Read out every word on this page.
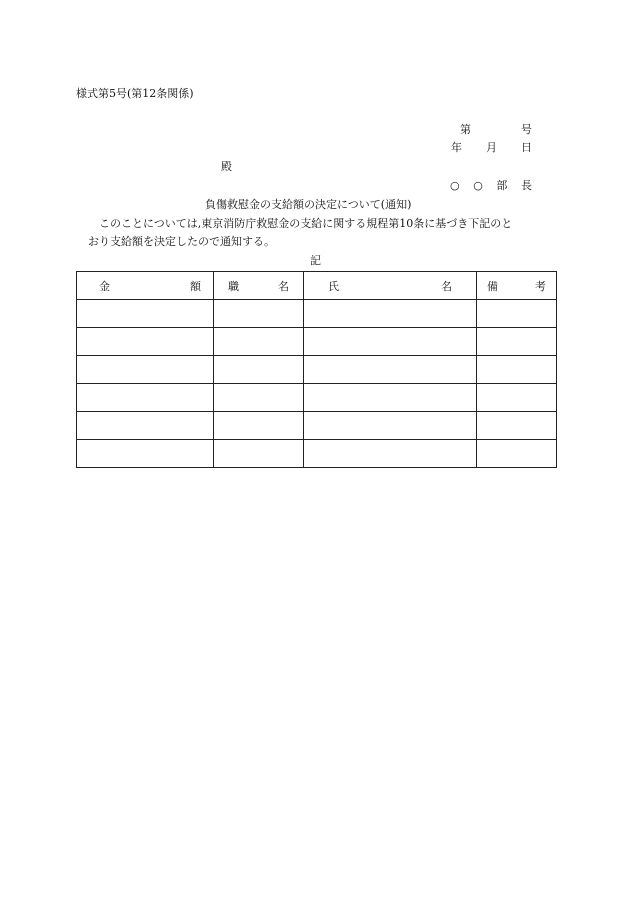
様式第5号(第12条関係)
第	号
年 月 日
殿
○ ○ 部 長
負傷救慰金の支給額の決定について(通知)
このことについては,東京消防庁救慰金の支給に関する規程第10条に基づき下記のと
おり支給額を決定したので通知する。
記
金 額	職 名	氏 名	備 考
